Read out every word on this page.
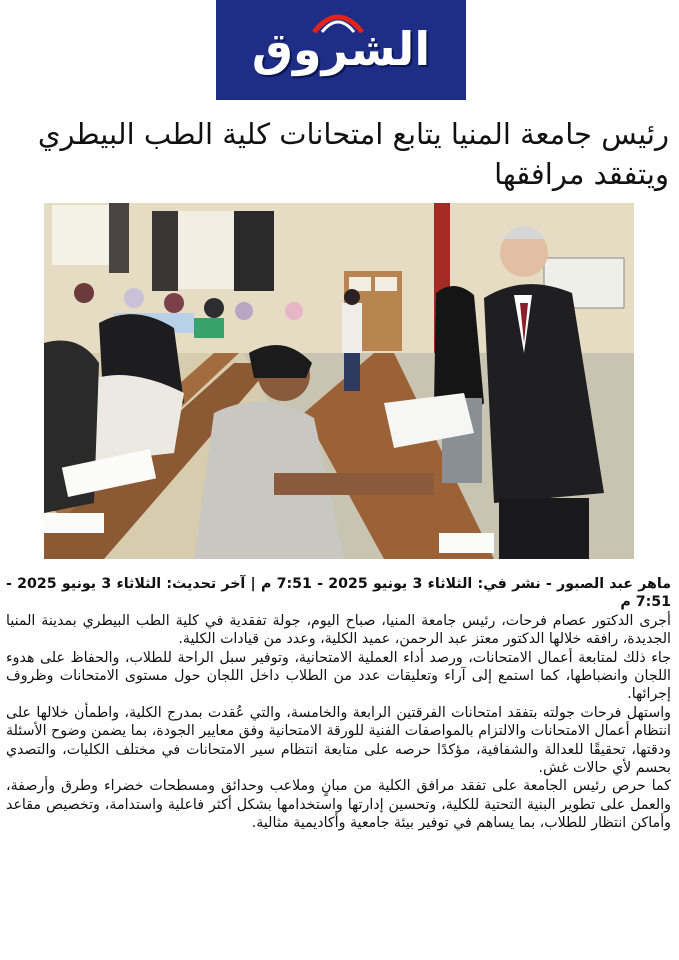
الشروق
رئيس جامعة المنيا يتابع امتحانات كلية الطب البيطري ويتفقد مرافقها

ماهر عبد الصبور - نشر في: الثلاثاء 3 يونيو 2025 - 7:51 م | آخر تحديث: الثلاثاء 3 يونيو 2025 - 7:51 م

أجرى الدكتور عصام فرحات، رئيس جامعة المنيا، صباح اليوم، جولة تفقدية في كلية الطب البيطري بمدينة المنيا الجديدة، رافقه خلالها الدكتور معتز عبد الرحمن، عميد الكلية، وعدد من قيادات الكلية.

جاء ذلك لمتابعة أعمال الامتحانات، ورصد أداء العملية الامتحانية، وتوفير سبل الراحة للطلاب، والحفاظ على هدوء اللجان وانضباطها، كما استمع إلى آراء وتعليقات عدد من الطلاب داخل اللجان حول مستوى الامتحانات وظروف إجرائها.

واستهل فرحات جولته بتفقد امتحانات الفرقتين الرابعة والخامسة، والتي عُقدت بمدرج الكلية، واطمأن خلالها على انتظام أعمال الامتحانات والالتزام بالمواصفات الفنية للورقة الامتحانية وفق معايير الجودة، بما يضمن وضوح الأسئلة ودقتها، تحقيقًا للعدالة والشفافية، مؤكدًا حرصه على متابعة انتظام سير الامتحانات في مختلف الكليات، والتصدي بحسم لأي حالات غش.

كما حرص رئيس الجامعة على تفقد مرافق الكلية من مبانٍ وملاعب وحدائق ومسطحات خضراء وطرق وأرصفة، والعمل على تطوير البنية التحتية للكلية، وتحسين إدارتها واستخدامها بشكل أكثر فاعلية واستدامة، وتخصيص مقاعد وأماكن انتظار للطلاب، بما يساهم في توفير بيئة جامعية وأكاديمية مثالية.
